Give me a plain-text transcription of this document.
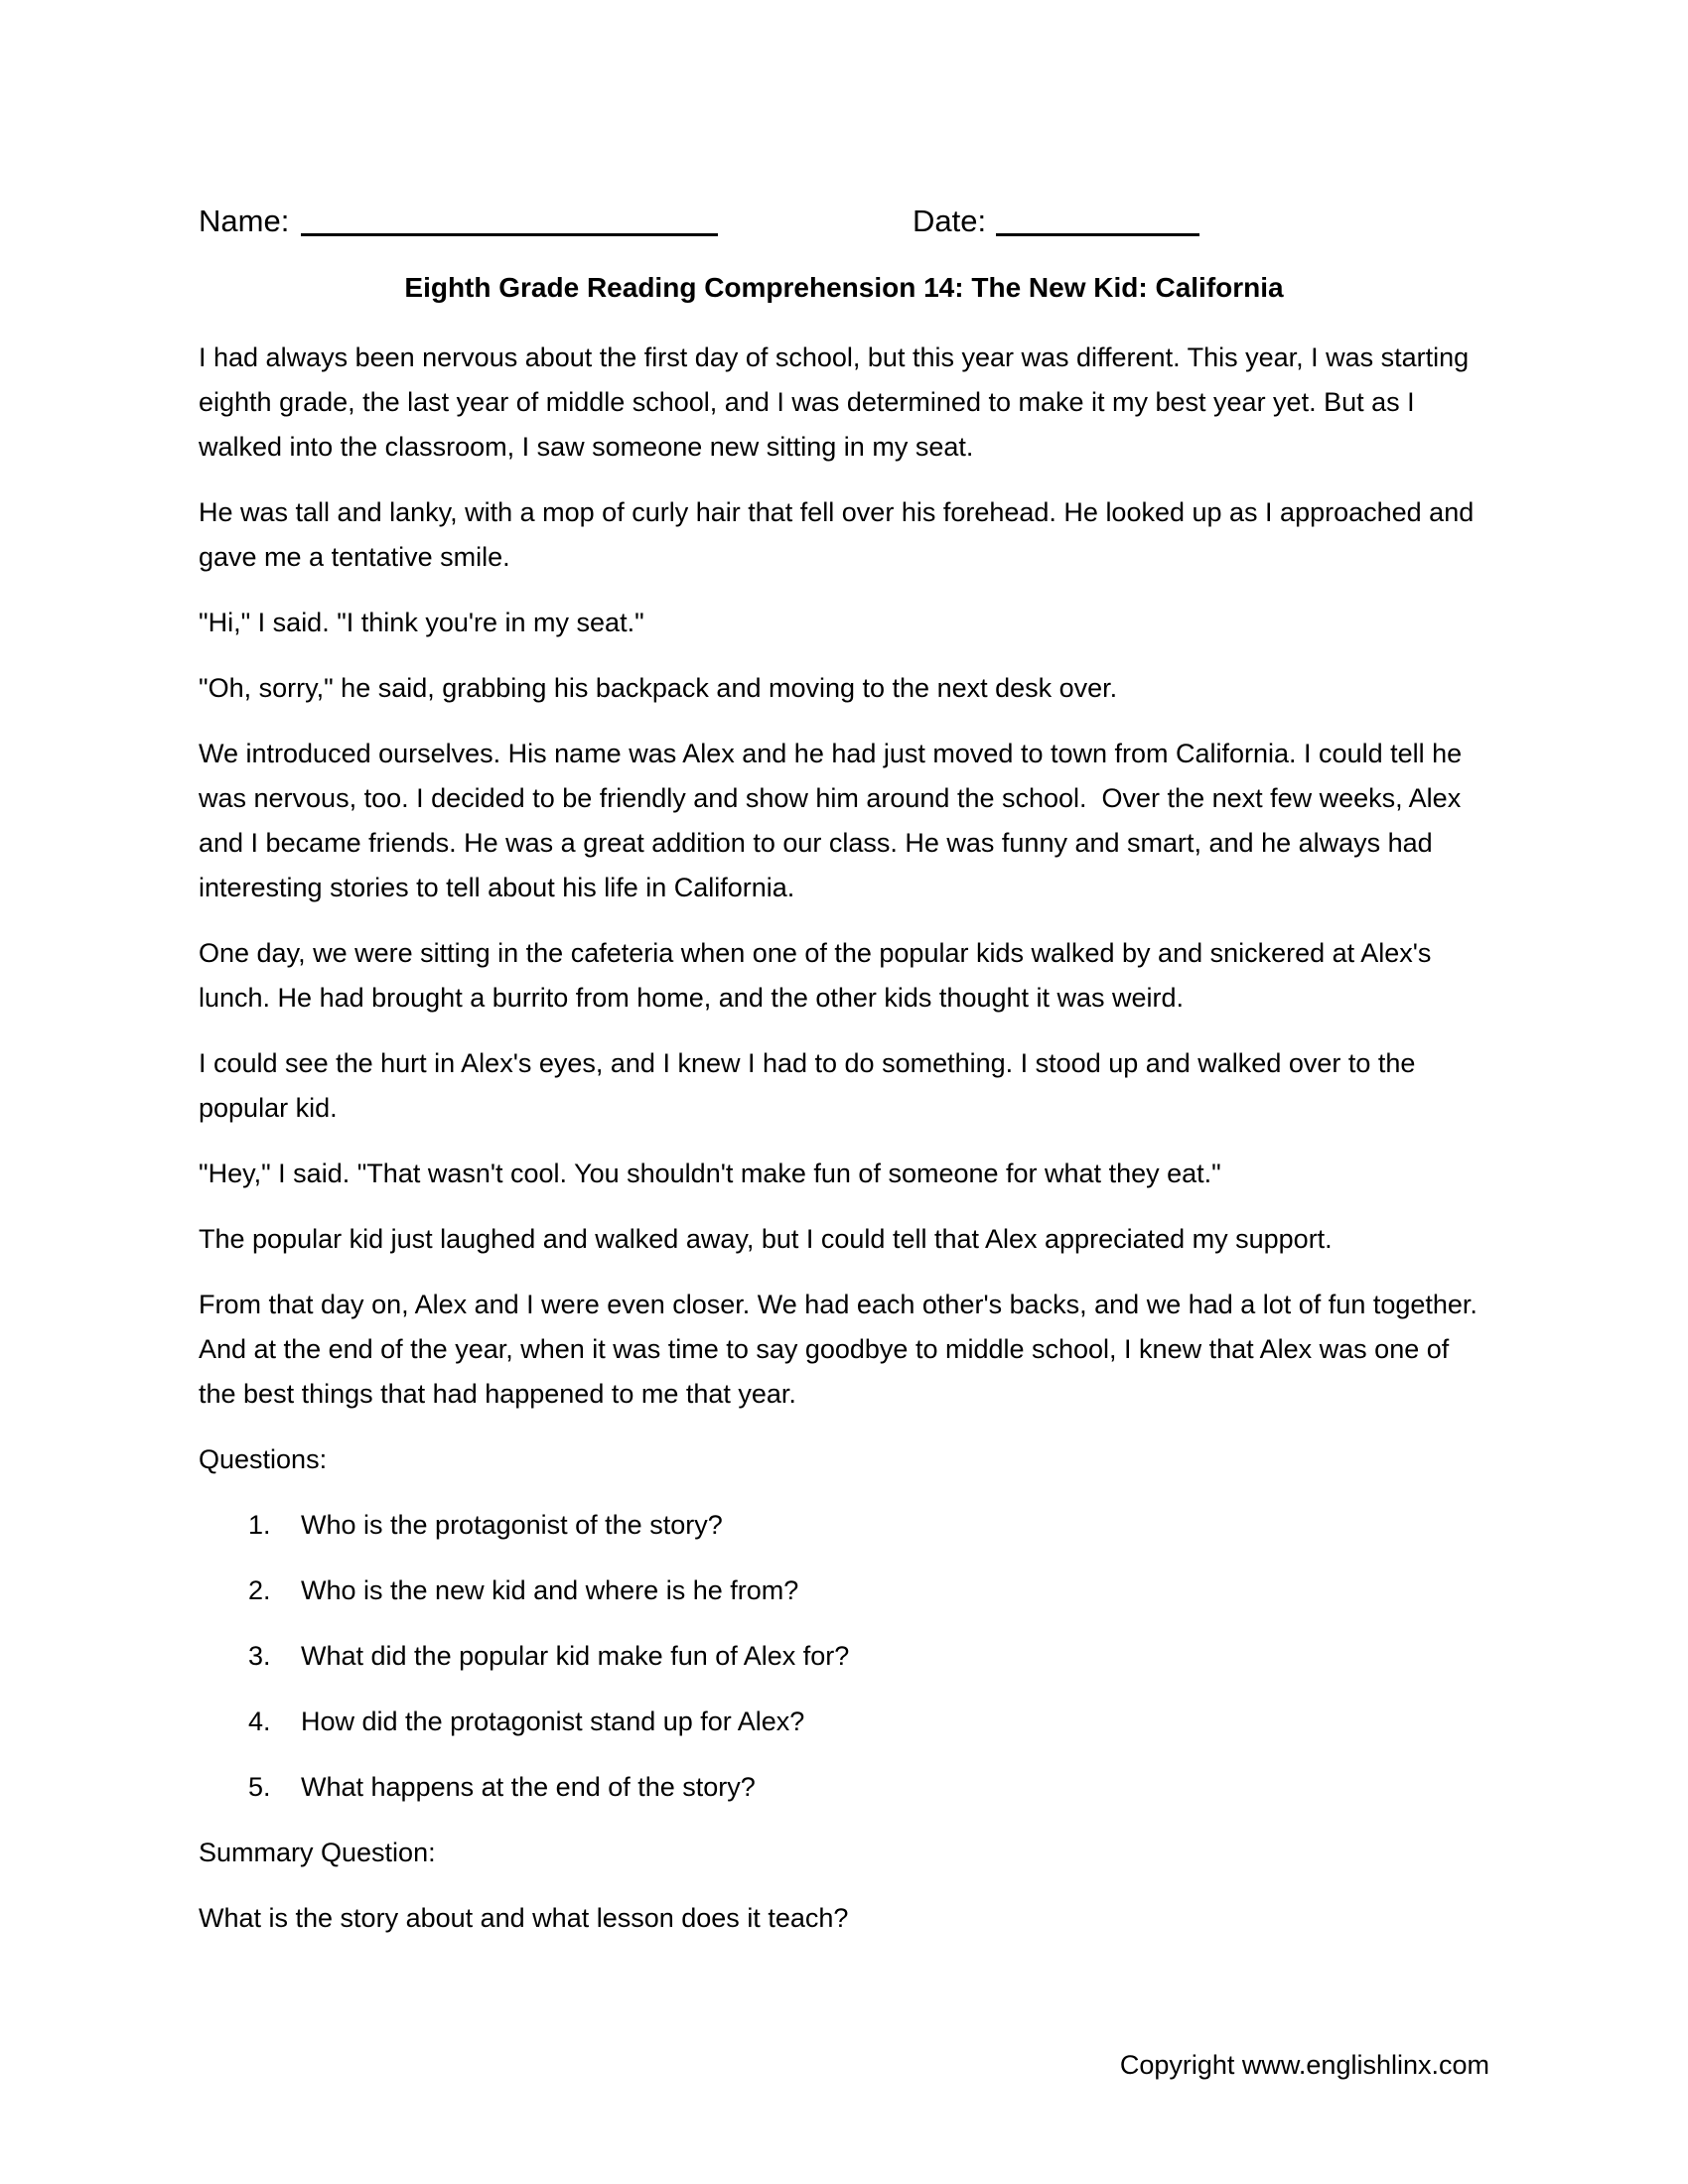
Name:	Date:
Eighth Grade Reading Comprehension 14: The New Kid: California

I had always been nervous about the first day of school, but this year was different. This year, I was starting eighth grade, the last year of middle school, and I was determined to make it my best year yet. But as I walked into the classroom, I saw someone new sitting in my seat.

He was tall and lanky, with a mop of curly hair that fell over his forehead. He looked up as I approached and gave me a tentative smile.

"Hi," I said. "I think you're in my seat."

"Oh, sorry," he said, grabbing his backpack and moving to the next desk over.

We introduced ourselves. His name was Alex and he had just moved to town from California. I could tell he was nervous, too. I decided to be friendly and show him around the school.  Over the next few weeks, Alex and I became friends. He was a great addition to our class. He was funny and smart, and he always had interesting stories to tell about his life in California.

One day, we were sitting in the cafeteria when one of the popular kids walked by and snickered at Alex's lunch. He had brought a burrito from home, and the other kids thought it was weird.

I could see the hurt in Alex's eyes, and I knew I had to do something. I stood up and walked over to the popular kid.

"Hey," I said. "That wasn't cool. You shouldn't make fun of someone for what they eat."

The popular kid just laughed and walked away, but I could tell that Alex appreciated my support.

From that day on, Alex and I were even closer. We had each other's backs, and we had a lot of fun together. And at the end of the year, when it was time to say goodbye to middle school, I knew that Alex was one of the best things that had happened to me that year.

Questions:
1.	Who is the protagonist of the story?
2.	Who is the new kid and where is he from?
3.	What did the popular kid make fun of Alex for?
4.	How did the protagonist stand up for Alex?
5.	What happens at the end of the story?
Summary Question:
What is the story about and what lesson does it teach?
Copyright www.englishlinx.com
